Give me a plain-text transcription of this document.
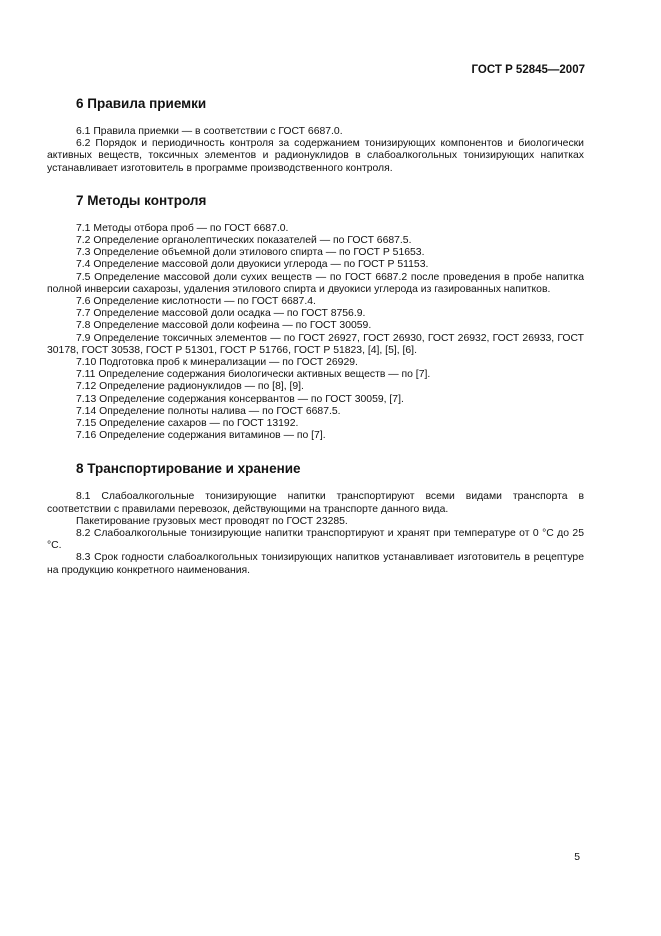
ГОСТ Р 52845—2007
6 Правила приемки

6.1 Правила приемки — в соответствии с ГОСТ 6687.0.

6.2 Порядок и периодичность контроля за содержанием тонизирующих компонентов и биологически активных веществ, токсичных элементов и радионуклидов в слабоалкогольных тонизирующих напитках устанавливает изготовитель в программе производственного контроля.

7 Методы контроля

7.1 Методы отбора проб — по ГОСТ 6687.0.

7.2 Определение органолептических показателей — по ГОСТ 6687.5.

7.3 Определение объемной доли этилового спирта — по ГОСТ Р 51653.

7.4 Определение массовой доли двуокиси углерода — по ГОСТ Р 51153.

7.5 Определение массовой доли сухих веществ — по ГОСТ 6687.2 после проведения в пробе напитка полной инверсии сахарозы, удаления этилового спирта и двуокиси углерода из газированных напитков.

7.6 Определение кислотности — по ГОСТ 6687.4.

7.7 Определение массовой доли осадка — по ГОСТ 8756.9.

7.8 Определение массовой доли кофеина — по ГОСТ 30059.

7.9 Определение токсичных элементов — по ГОСТ 26927, ГОСТ 26930, ГОСТ 26932, ГОСТ 26933, ГОСТ 30178, ГОСТ 30538, ГОСТ Р 51301, ГОСТ Р 51766, ГОСТ Р 51823, [4], [5], [6].

7.10 Подготовка проб к минерализации — по ГОСТ 26929.

7.11 Определение содержания биологически активных веществ — по [7].

7.12 Определение радионуклидов — по [8], [9].

7.13 Определение содержания консервантов — по ГОСТ 30059, [7].

7.14 Определение полноты налива — по ГОСТ 6687.5.

7.15 Определение сахаров — по ГОСТ 13192.

7.16 Определение содержания витаминов — по [7].

8 Транспортирование и хранение

8.1 Слабоалкогольные тонизирующие напитки транспортируют всеми видами транспорта в соответствии с правилами перевозок, действующими на транспорте данного вида.

Пакетирование грузовых мест проводят по ГОСТ 23285.

8.2 Слабоалкогольные тонизирующие напитки транспортируют и хранят при температуре от 0 °С до 25 °С.

8.3 Срок годности слабоалкогольных тонизирующих напитков устанавливает изготовитель в рецептуре на продукцию конкретного наименования.

5
